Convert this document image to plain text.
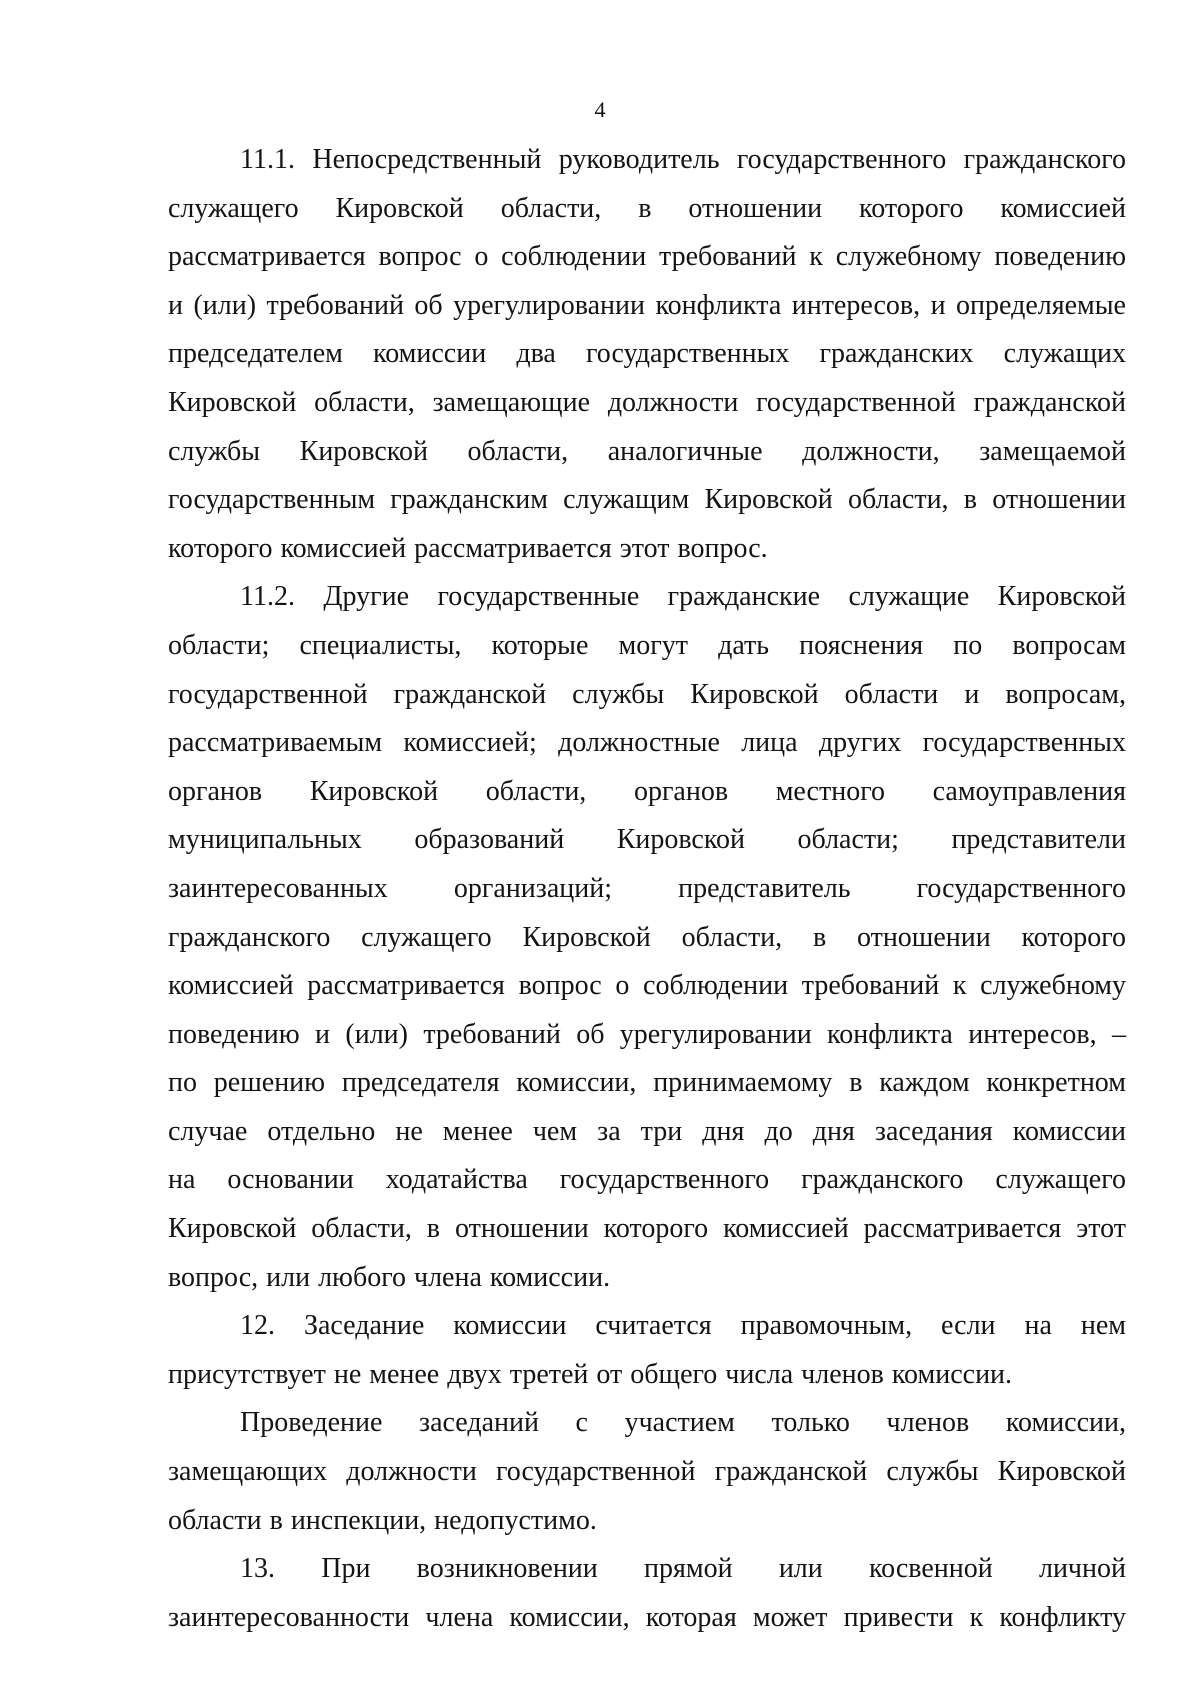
4

11.1. Непосредственный руководитель государственного гражданского
служащего Кировской области, в отношении которого комиссией
рассматривается вопрос о соблюдении требований к служебному поведению
и (или) требований об урегулировании конфликта интересов, и определяемые
председателем комиссии два государственных гражданских служащих
Кировской области, замещающие должности государственной гражданской
службы Кировской области, аналогичные должности, замещаемой
государственным гражданским служащим Кировской области, в отношении
которого комиссией рассматривается этот вопрос.

11.2. Другие государственные гражданские служащие Кировской
области; специалисты, которые могут дать пояснения по вопросам
государственной гражданской службы Кировской области и вопросам,
рассматриваемым комиссией; должностные лица других государственных
органов Кировской области, органов местного самоуправления
муниципальных образований Кировской области; представители
заинтересованных организаций; представитель государственного
гражданского служащего Кировской области, в отношении которого
комиссией рассматривается вопрос о соблюдении требований к служебному
поведению и (или) требований об урегулировании конфликта интересов, –
по решению председателя комиссии, принимаемому в каждом конкретном
случае отдельно не менее чем за три дня до дня заседания комиссии
на основании ходатайства государственного гражданского служащего
Кировской области, в отношении которого комиссией рассматривается этот
вопрос, или любого члена комиссии.

12. Заседание комиссии считается правомочным, если на нем
присутствует не менее двух третей от общего числа членов комиссии.

Проведение заседаний с участием только членов комиссии,
замещающих должности государственной гражданской службы Кировской
области в инспекции, недопустимо.

13. При возникновении прямой или косвенной личной
заинтересованности члена комиссии, которая может привести к конфликту
